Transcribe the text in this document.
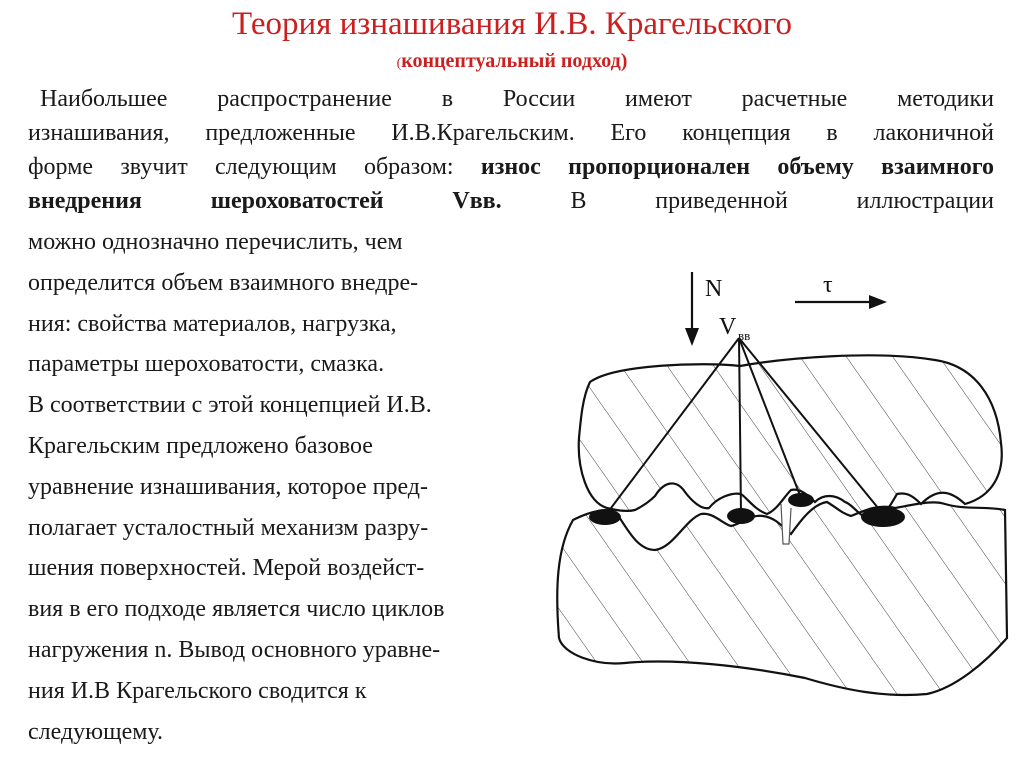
Теория изнашивания И.В. Крагельского
(концептуальный подход)
Наибольшее распространение в России имеют расчетные методики
изнашивания, предложенные И.В.Крагельским. Его концепция в лаконичной
форме звучит следующим образом: износ пропорционален объему взаимного
внедрения шероховатостей Vвв. В приведенной иллюстрации
можно однозначно перечислить, чем
определится объем взаимного внедре-
ния: свойства материалов, нагрузка,
параметры шероховатости, смазка.
В соответствии с этой концепцией И.В.
Крагельским предложено базовое
уравнение изнашивания, которое пред-
полагает усталостный механизм разру-
шения поверхностей. Мерой воздейст-
вия в его подходе является число циклов
нагружения n. Вывод основного уравне-
ния И.В Крагельского сводится к
следующему.
N	τ
V вв
